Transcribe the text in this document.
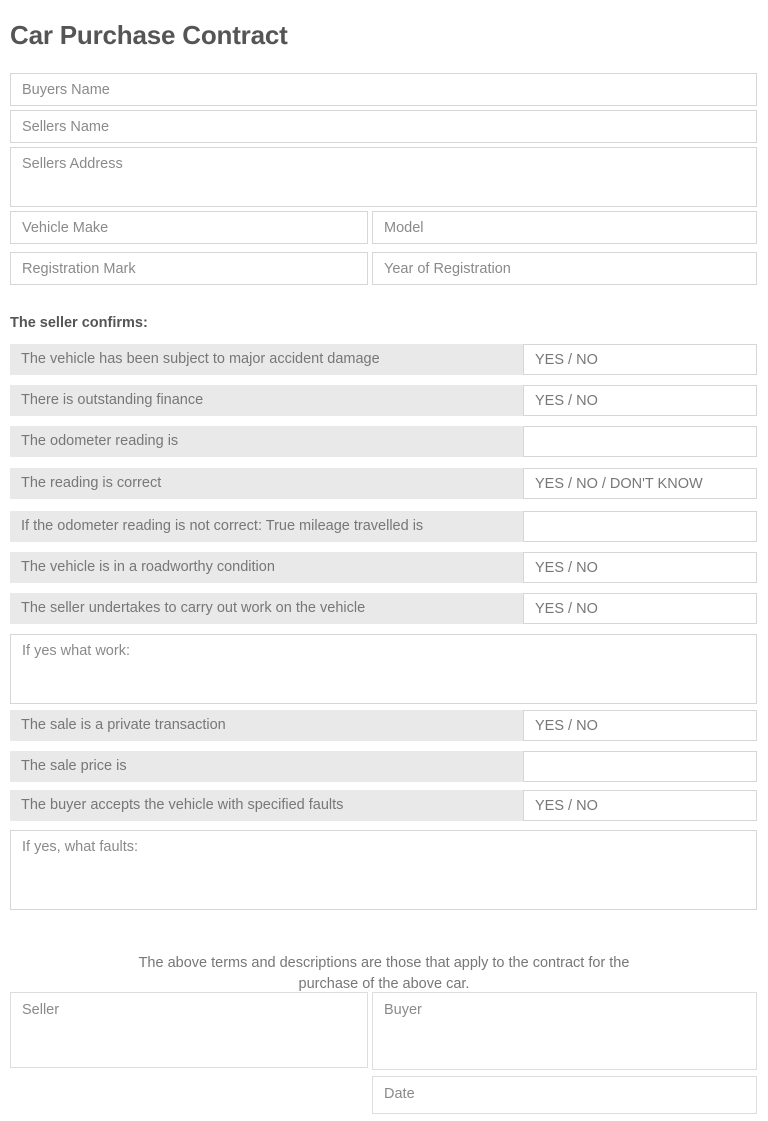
Car Purchase Contract
Buyers Name
Sellers Name
Sellers Address
Vehicle Make	Model
Registration Mark	Year of Registration
The seller confirms:
The vehicle has been subject to major accident damage	YES / NO
There is outstanding finance	YES / NO
The odometer reading is
The reading is correct	YES / NO / DON'T KNOW
If the odometer reading is not correct: True mileage travelled is
The vehicle is in a roadworthy condition	YES / NO
The seller undertakes to carry out work on the vehicle	YES / NO
If yes what work:
The sale is a private transaction	YES / NO
The sale price is
The buyer accepts the vehicle with specified faults	YES / NO
If yes, what faults:

The above terms and descriptions are those that apply to the contract for the purchase of the above car.

Seller	Buyer
Date
